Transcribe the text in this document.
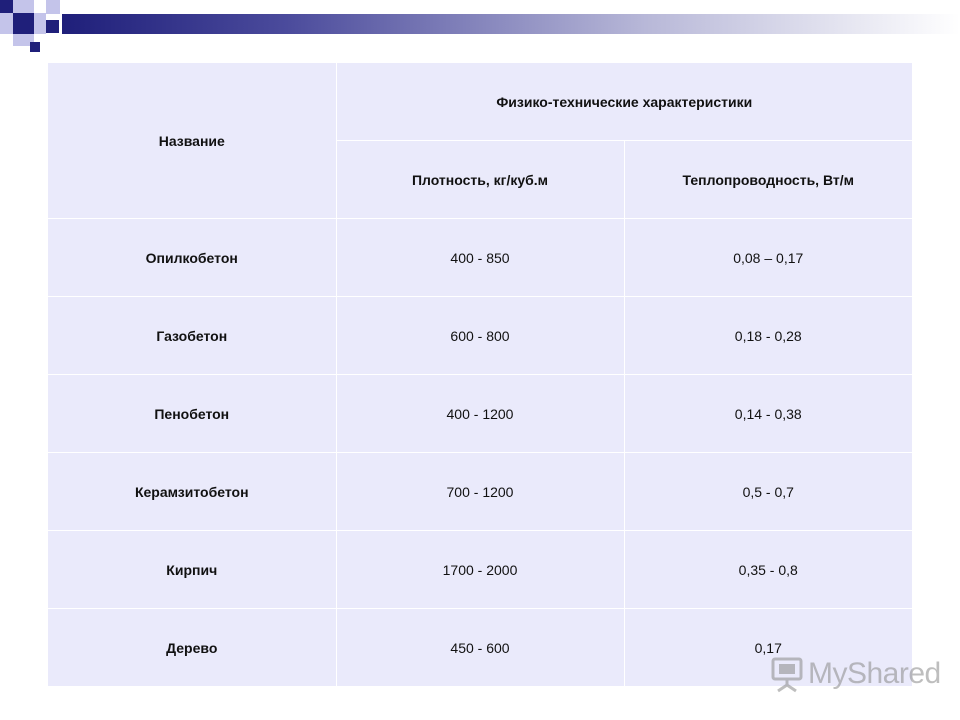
Название	Физико-технические характеристики	
	Плотность, кг/куб.м	Теплопроводность, Вт/м
Опилкобетон	400 - 850	0,08 – 0,17
Газобетон	600 - 800	0,18 - 0,28
Пенобетон	400 - 1200	0,14 - 0,38
Керамзитобетон	700 - 1200	0,5 - 0,7
Кирпич	1700 - 2000	0,35 - 0,8
Дерево	450 - 600	0,17
MyShared
